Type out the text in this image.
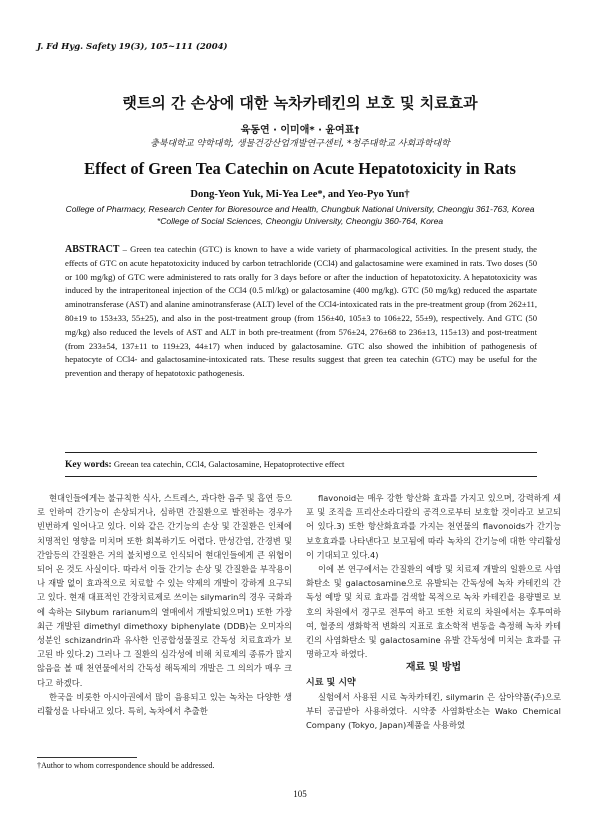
J. Fd Hyg. Safety 19(3), 105~111 (2004)
랫트의 간 손상에 대한 녹차카테킨의 보호 및 치료효과
육동연 · 이미애* · 윤여표†
충북대학교 약학대학, 생물건강산업개발연구센터, *청주대학교 사회과학대학
Effect of Green Tea Catechin on Acute Hepatotoxicity in Rats
Dong-Yeon Yuk, Mi-Yea Lee*, and Yeo-Pyo Yun†
College of Pharmacy, Research Center for Bioresource and Health, Chungbuk National University, Cheongju 361-763, Korea
*College of Social Sciences, Cheongju University, Cheongju 360-764, Korea
ABSTRACT – Green tea catechin (GTC) is known to have a wide variety of pharmacological activities. In the present study, the effects of GTC on acute hepatotoxicity induced by carbon tetrachloride (CCl4) and galactosamine were examined in rats. Two doses (50 or 100 mg/kg) of GTC were administered to rats orally for 3 days before or after the induction of hepatotoxicity. A hepatotoxicity was induced by the intraperitoneal injection of the CCl4 (0.5 ml/kg) or galactosamine (400 mg/kg). GTC (50 mg/kg) reduced the aspartate aminotransferase (AST) and alanine aminotransferase (ALT) level of the CCl4-intoxicated rats in the pre-treatment group (from 262±11, 80±19 to 153±33, 55±25), and also in the post-treatment group (from 156±40, 105±3 to 106±22, 55±9), respectively. And GTC (50 mg/kg) also reduced the levels of AST and ALT in both pre-treatment (from 576±24, 276±68 to 236±13, 115±13) and post-treatment (from 233±54, 137±11 to 119±23, 44±17) when induced by galactosamine. GTC also showed the inhibition of pathogenesis of hepatocyte of CCl4- and galactosamine-intoxicated rats. These results suggest that green tea catechin (GTC) may be useful for the prevention and therapy of hepatotoxic pathogenesis.
Key words: Greean tea catechin, CCl4, Galactosamine, Hepatoprotective effect

현대인들에게는 불규칙한 식사, 스트레스, 과다한 음주 및 흡연 등으로 인하여 간기능이 손상되거나, 심하면 간질환으로 발전하는 경우가 빈번하게 일어나고 있다. 이와 같은 간기능의 손상 및 간질환은 인체에 치명적인 영향을 미치며 또한 회복하기도 어렵다. 만성간염, 간경변 및 간암등의 간질환은 거의 불치병으로 인식되어 현대인들에게 큰 위협이 되어 온 것도 사실이다. 따라서 이들 간기능 손상 및 간질환을 부작용이나 재발 없이 효과적으로 치료할 수 있는 약제의 개발이 강하게 요구되고 있다. 현재 대표적인 간장치료제로 쓰이는 silymarin의 경우 국화과에 속하는 Silybum rarianum의 열매에서 개발되었으며1) 또한 가장 최근 개발된 dimethyl dimethoxy biphenylate (DDB)는 오미자의 성분인 schizandrin과 유사한 인공합성물질로 간독성 치료효과가 보고된 바 있다.2) 그러나 그 질환의 심각성에 비해 치료제의 종류가 많지 않음을 볼 때 천연물에서의 간독성 해독제의 개발은 그 의의가 매우 크다고 하겠다.

한국을 비롯한 아시아권에서 많이 음용되고 있는 녹차는 다양한 생리활성을 나타내고 있다. 특히, 녹차에서 추출한

flavonoid는 매우 강한 항산화 효과를 가지고 있으며, 강력하게 세포 및 조직을 프리산소라디칼의 공격으로부터 보호할 것이라고 보고되어 있다.3) 또한 항산화효과를 가지는 천연물의 flavonoids가 간기능보호효과를 나타낸다고 보고됨에 따라 녹차의 간기능에 대한 약리활성이 기대되고 있다.4)

이에 본 연구에서는 간질환의 예방 및 치료제 개발의 일환으로 사염화탄소 및 galactosamine으로 유발되는 간독성에 녹차 카테킨의 간독성 예방 및 치료 효과를 검색할 목적으로 녹차 카테킨을 용량별로 보호의 차원에서 경구로 전투여 하고 또한 치료의 차원에서는 후투여하여, 혈중의 생화학적 변화의 지표로 효소학적 변동을 측정해 녹차 카테킨의 사염화탄소 및 galactosamine 유발 간독성에 미치는 효과를 규명하고자 하였다.

재료 및 방법

시료 및 시약

실험에서 사용된 시료 녹차카테킨, silymarin 은 삼아약품(주)으로부터 공급받아 사용하였다. 시약중 사염화탄소는 Wako Chemical Company (Tokyo, Japan)제품을 사용하였

†Author to whom correspondence should be addressed.
105
